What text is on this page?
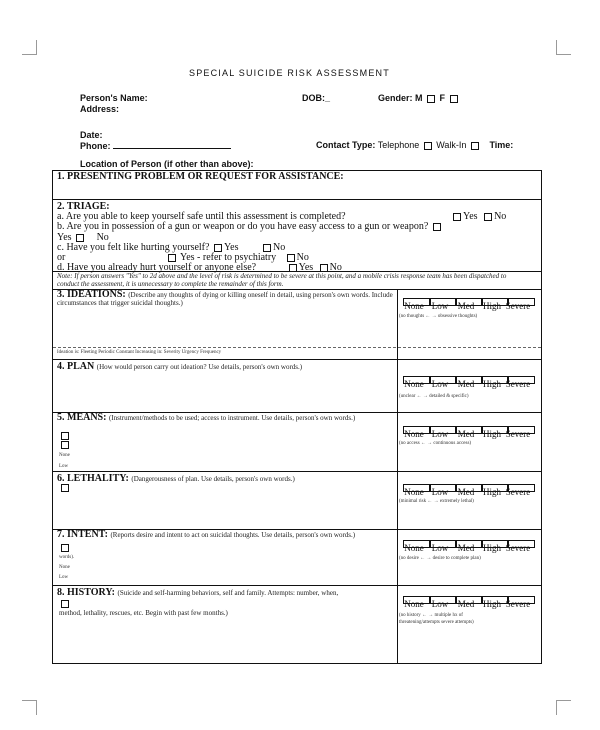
SPECIAL SUICIDE RISK ASSESSMENT
Person's Name:	DOB:_	Gender: M F
Address:
Date:
Phone:	Contact Type: Telephone Walk-In	Time:
Location of Person (if other than above):
1. PRESENTING PROBLEM OR REQUEST FOR ASSISTANCE:
2. TRIAGE:
a. Are you able to keep yourself safe until this assessment is completed?	Yes No
b. Are you in possession of a gun or weapon or do you have easy access to a gun or weapon?
Yes	No
c. Have you felt like hurting yourself? Yes	No
or	Yes - refer to psychiatry No
d. Have you already hurt yourself or anyone else?	Yes No
Note: If person answers "Yes" to 2d above and the level of risk is determined to be severe at this point, and a mobile crisis response team has been dispatched to conduct the assessment, it is unnecessary to complete the remainder of this form.
3. IDEATIONS: (Describe any thoughts of dying or killing oneself in detail, using person's own words. Include circumstances that trigger suicidal thoughts.)	None Low Med High Severe
(no thoughts ← → obsessive thoughts)
Ideation is: Fleeting Periodic Constant Increasing in: Severity Urgency Frequency
4. PLAN (How would person carry out ideation? Use details, person's own words.)
None Low Med High Severe
(unclear ← → detailed & specific)
5. MEANS: (Instrument/methods to be used; access to instrument. Use details, person's own words.)

None
Low
None Low Med High Severe
(no access ← → continuous access)
6. LETHALITY: (Dangerousness of plan. Use details, person's own words.)
None Low Med High Severe
(minimal risk ← → extremely lethal)
7. INTENT: (Reports desire and intent to act on suicidal thoughts. Use details, person's own words.)

words).
None
Low
None Low Med High Severe
(no desire ← → desire to complete plan)
8. HISTORY: (Suicide and self-harming behaviors, self and family. Attempts: number, when,

method, lethality, rescues, etc. Begin with past few months.)
None Low Med High Severe
(no history ← → multiple hx of
threatening/attempts severe attempts)
